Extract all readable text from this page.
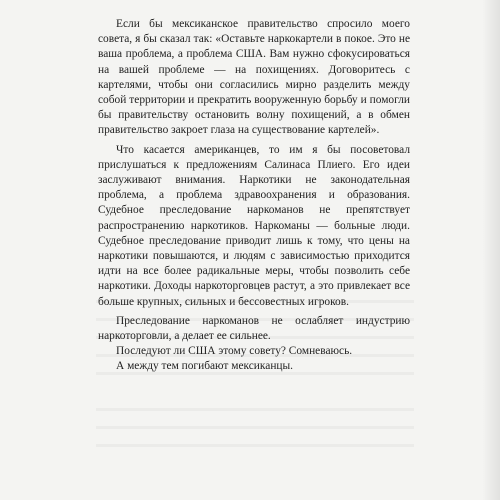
Если бы мексиканское правительство спросило моего совета, я бы сказал так: «Оставьте наркокартели в покое. Это не ваша проблема, а проблема США. Вам нужно сфокусироваться на вашей проблеме — на похищениях. Договоритесь с картелями, чтобы они согласились мирно разделить между собой территории и прекратить вооруженную борьбу и помогли бы правительству остановить волну похищений, а в обмен правительство закроет глаза на существование картелей».

Что касается американцев, то им я бы посоветовал прислушаться к предложениям Салинаса Плиего. Его идеи заслуживают внимания. Наркотики не законодательная проблема, а проблема здравоохранения и образования. Судебное преследование наркоманов не препятствует распространению наркотиков. Наркоманы — больные люди. Судебное преследование приводит лишь к тому, что цены на наркотики повышаются, и людям с зависимостью приходится идти на все более радикальные меры, чтобы позволить себе наркотики. Доходы наркоторговцев растут, а это привлекает все больше крупных, сильных и бессовестных игроков.

Преследование наркоманов не ослабляет индустрию наркоторговли, а делает ее сильнее.

Последуют ли США этому совету? Сомневаюсь.

А между тем погибают мексиканцы.
